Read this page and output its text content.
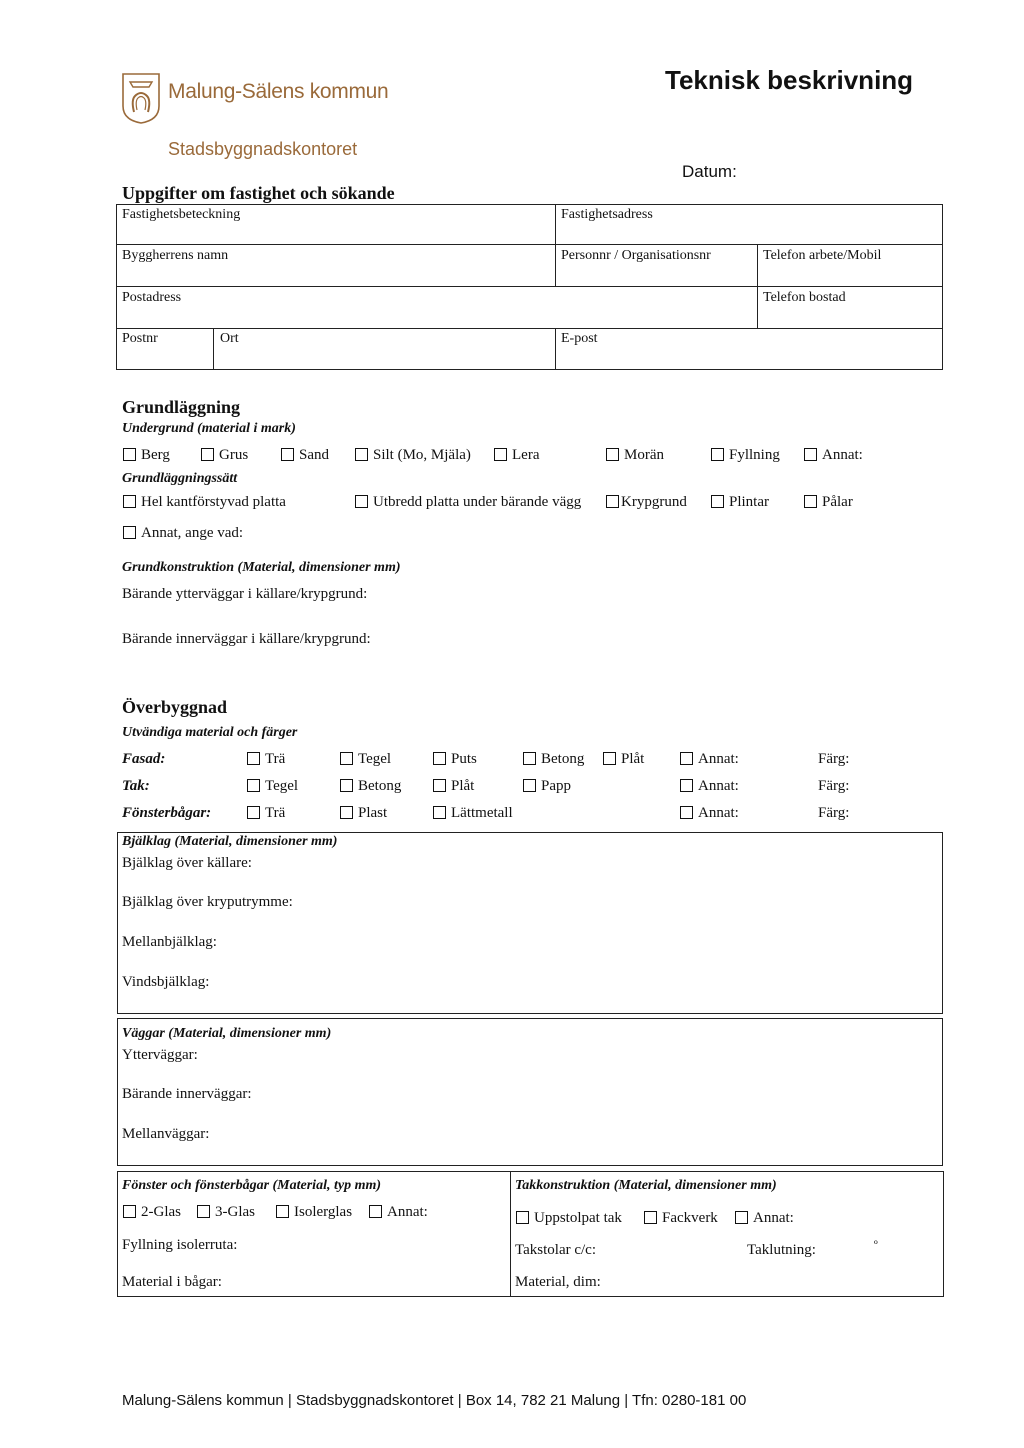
Malung-Sälens kommun
Stadsbyggnadskontoret
Teknisk beskrivning
Datum:
Uppgifter om fastighet och sökande
Fastighetsbeteckning	Fastighetsadress
Byggherrens namn	Personnr / Organisationsnr	Telefon arbete/Mobil
Postadress	Telefon bostad
Postnr	Ort	E-post
Grundläggning
Undergrund (material i mark)
Berg	Grus	Sand	Silt (Mo, Mjäla)	Lera	Morän	Fyllning	Annat:
Grundläggningssätt
Hel kantförstyvad platta	Utbredd platta under bärande vägg	Krypgrund	Plintar	Pålar
Annat, ange vad:
Grundkonstruktion (Material, dimensioner mm)
Bärande ytterväggar i källare/krypgrund:
Bärande innerväggar i källare/krypgrund:
Överbyggnad
Utvändiga material och färger
Fasad:	Trä	Tegel	Puts	Betong	Plåt	Annat:	Färg:
Tak:	Tegel	Betong	Plåt	Papp	Annat:	Färg:
Fönsterbågar:	Trä	Plast	Lättmetall	Annat:	Färg:
Bjälklag (Material, dimensioner mm)
Bjälklag över källare:
Bjälklag över kryputrymme:
Mellanbjälklag:
Vindsbjälklag:
Väggar (Material, dimensioner mm)
Ytterväggar:
Bärande innerväggar:
Mellanväggar:
Fönster och fönsterbågar (Material, typ mm)
2-Glas	3-Glas	Isolerglas	Annat:
Fyllning isolerruta:
Material i bågar:
Takkonstruktion (Material, dimensioner mm)
Uppstolpat tak	Fackverk	Annat:
Takstolar c/c:	Taklutning:	º
Material, dim:
Malung-Sälens kommun | Stadsbyggnadskontoret | Box 14, 782 21 Malung | Tfn: 0280-181 00
